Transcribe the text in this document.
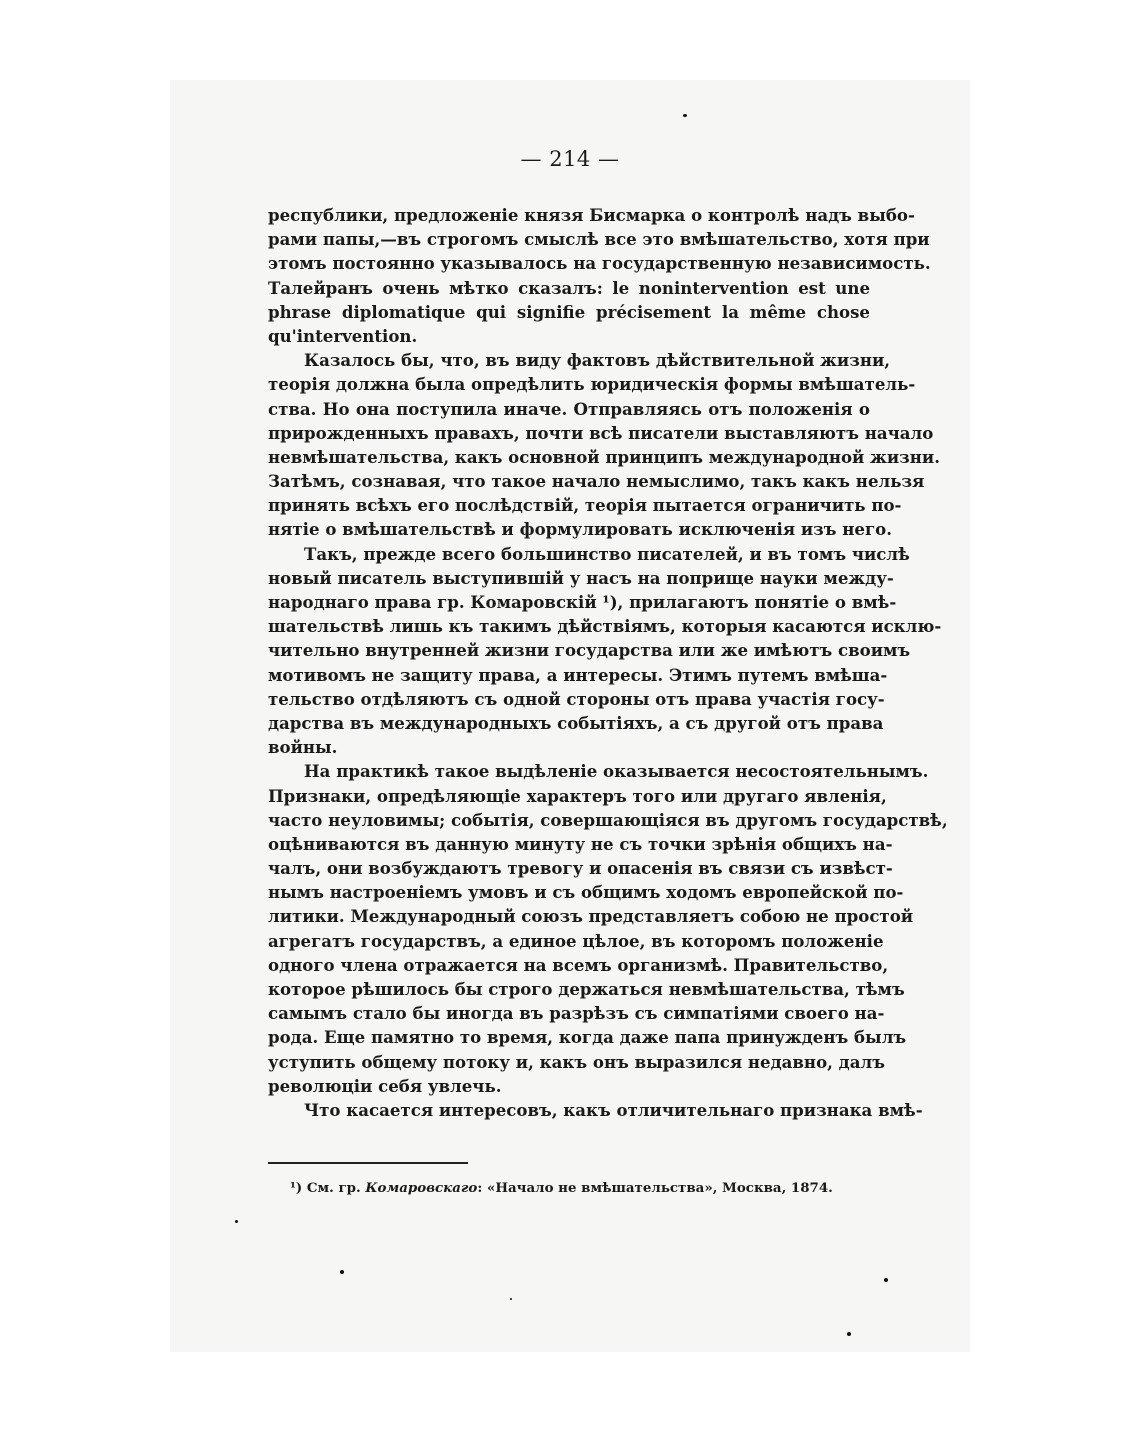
— 214 —
республики, предложенiе князя Бисмарка о контролѣ надъ выбо-
рами папы,—въ строгомъ смыслѣ все это вмѣшательство, хотя при
этомъ постоянно указывалось на государственную независимость.
Талейранъ очень мѣтко сказалъ: le nonintervention est une
phrase diplomatique qui signifie précisement la même chose
qu'intervention.
Казалось бы, что, въ виду фактовъ дѣйствительной жизни,
теорiя должна была опредѣлить юридическiя формы вмѣшатель-
ства. Но она поступила иначе. Отправляясь отъ положенiя о
прирожденныхъ правахъ, почти всѣ писатели выставляютъ начало
невмѣшательства, какъ основной принципъ международной жизни.
Затѣмъ, сознавая, что такое начало немыслимо, такъ какъ нельзя
принять всѣхъ его послѣдствiй, теорiя пытается ограничить по-
нятiе о вмѣшательствѣ и формулировать исключенiя изъ него.
Такъ, прежде всего большинство писателей, и въ томъ числѣ
новый писатель выступившiй у насъ на поприще науки между-
народнаго права гр. Комаровскiй ¹), прилагаютъ понятiе о вмѣ-
шательствѣ лишь къ такимъ дѣйствiямъ, которыя касаются исклю-
чительно внутренней жизни государства или же имѣютъ своимъ
мотивомъ не защиту права, а интересы. Этимъ путемъ вмѣша-
тельство отдѣляютъ съ одной стороны отъ права участiя госу-
дарства въ международныхъ событiяхъ, а съ другой отъ права
войны.
На практикѣ такое выдѣленiе оказывается несостоятельнымъ.
Признаки, опредѣляющiе характеръ того или другаго явленiя,
часто неуловимы; событiя, совершающiяся въ другомъ государствѣ,
оцѣниваются въ данную минуту не съ точки зрѣнiя общихъ на-
чалъ, они возбуждаютъ тревогу и опасенiя въ связи съ извѣст-
нымъ настроенiемъ умовъ и съ общимъ ходомъ европейской по-
литики. Международный союзъ представляетъ собою не простой
агрегатъ государствъ, а единое цѣлое, въ которомъ положенiе
одного члена отражается на всемъ организмѣ. Правительство,
которое рѣшилось бы строго держаться невмѣшательства, тѣмъ
самымъ стало бы иногда въ разрѣзъ съ симпатiями своего на-
рода. Еще памятно то время, когда даже папа принужденъ былъ
уступить общему потоку и, какъ онъ выразился недавно, далъ
революцiи себя увлечь.
Что касается интересовъ, какъ отличительнаго признака вмѣ-
¹) См. гр. Комаровскаго: «Начало не вмѣшательства», Москва, 1874.
